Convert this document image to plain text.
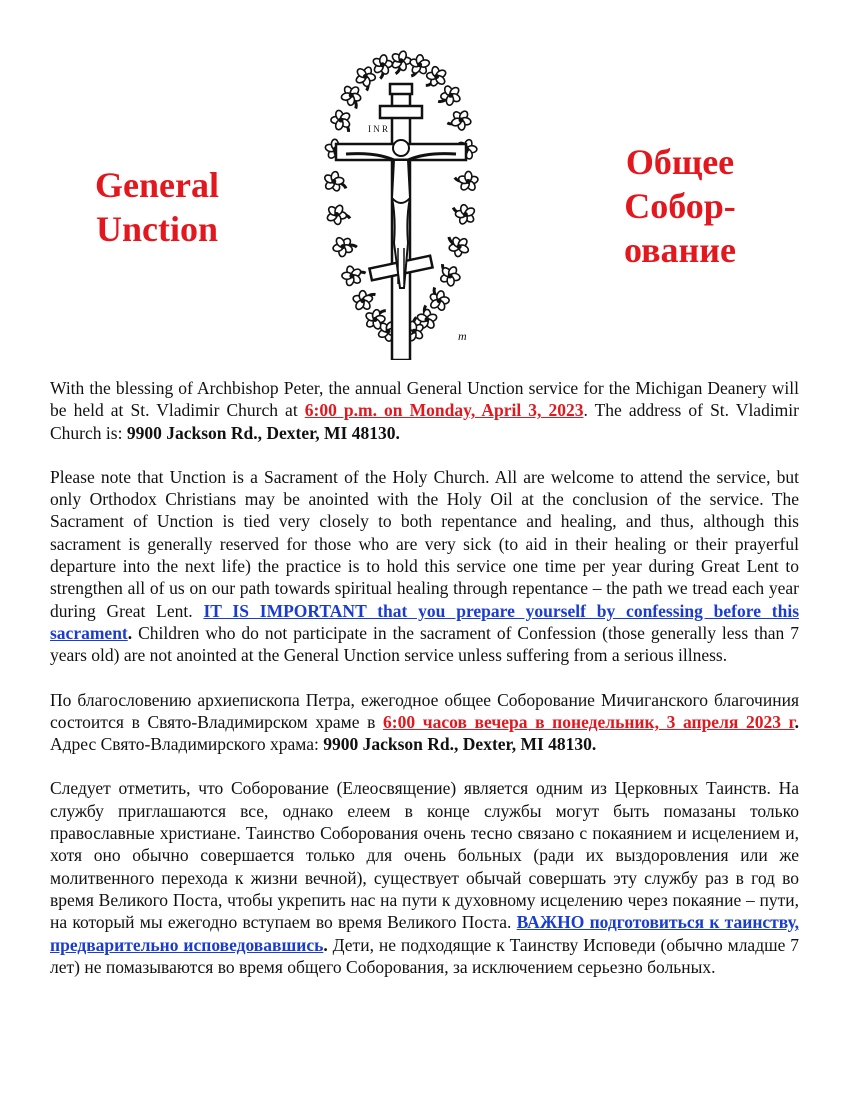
General
Unction
I N R I
m
Общее
Собор-
ование

With the blessing of Archbishop Peter, the annual General Unction service for the Michigan Deanery will be held at St. Vladimir Church at 6:00 p.m. on Monday, April 3, 2023. The address of St. Vladimir Church is: 9900 Jackson Rd., Dexter, MI 48130.

Please note that Unction is a Sacrament of the Holy Church. All are welcome to attend the service, but only Orthodox Christians may be anointed with the Holy Oil at the conclusion of the service. The Sacrament of Unction is tied very closely to both repentance and healing, and thus, although this sacrament is generally reserved for those who are very sick (to aid in their healing or their prayerful departure into the next life) the practice is to hold this service one time per year during Great Lent to strengthen all of us on our path towards spiritual healing through repentance – the path we tread each year during Great Lent. IT IS IMPORTANT that you prepare yourself by confessing before this sacrament. Children who do not participate in the sacrament of Confession (those generally less than 7 years old) are not anointed at the General Unction service unless suffering from a serious illness.

По благословению архиепископа Петра, ежегодное общее Соборование Мичиганского благочиния состоится в Свято-Владимирском храме в 6:00 часов вечера в понедельник, 3 апреля 2023 г. Адрес Свято-Владимирского храма: 9900 Jackson Rd., Dexter, MI 48130.

Следует отметить, что Соборование (Елеосвящение) является одним из Церковных Таинств. На службу приглашаются все, однако елеем в конце службы могут быть помазаны только православные христиане. Таинство Соборования очень тесно связано с покаянием и исцелением и, хотя оно обычно совершается только для очень больных (ради их выздоровления или же молитвенного перехода к жизни вечной), существует обычай совершать эту службу раз в год во время Великого Поста, чтобы укрепить нас на пути к духовному исцелению через покаяние – пути, на который мы ежегодно вступаем во время Великого Поста. ВАЖНО подготовиться к таинству, предварительно исповедовавшись. Дети, не подходящие к Таинству Исповеди (обычно младше 7 лет) не помазываются во время общего Соборования, за исключением серьезно больных.
